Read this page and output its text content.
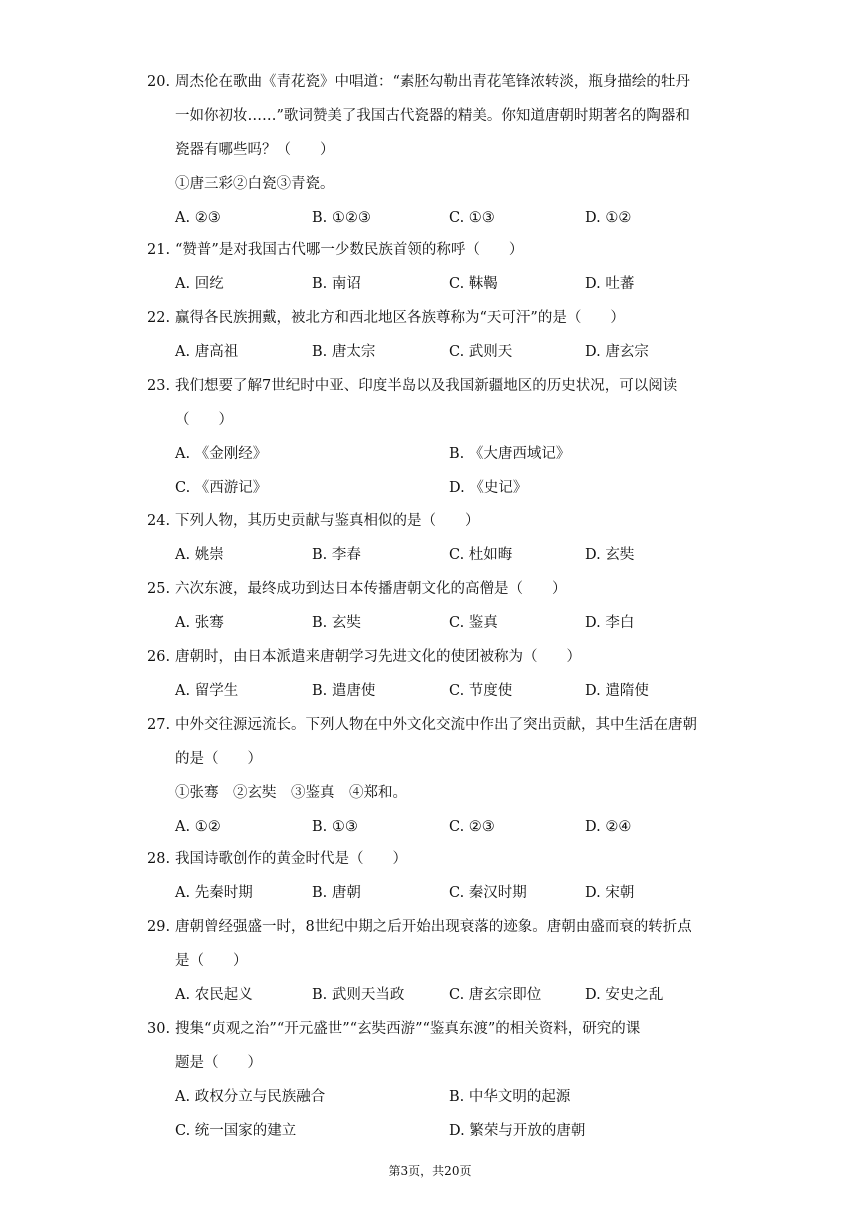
20. 周杰伦在歌曲《青花瓷》中唱道：“素胚勾勒出青花笔锋浓转淡，瓶身描绘的牡丹
一如你初妆……”歌词赞美了我国古代瓷器的精美。你知道唐朝时期著名的陶器和
瓷器有哪些吗？（　　）
①唐三彩②白瓷③青瓷。
A. ②③	B. ①②③	C. ①③	D. ①②
21. “赞普”是对我国古代哪一少数民族首领的称呼（　　）
A. 回纥	B. 南诏	C. 靺鞨	D. 吐蕃
22. 赢得各民族拥戴，被北方和西北地区各族尊称为“天可汗”的是（　　）
A. 唐高祖	B. 唐太宗	C. 武则天	D. 唐玄宗
23. 我们想要了解7世纪时中亚、印度半岛以及我国新疆地区的历史状况，可以阅读
（　　）
A. 《金刚经》	B. 《大唐西域记》
C. 《西游记》	D. 《史记》
24. 下列人物，其历史贡献与鉴真相似的是（　　）
A. 姚崇	B. 李春	C. 杜如晦	D. 玄奘
25. 六次东渡，最终成功到达日本传播唐朝文化的高僧是（　　）
A. 张骞	B. 玄奘	C. 鉴真	D. 李白
26. 唐朝时，由日本派遣来唐朝学习先进文化的使团被称为（　　）
A. 留学生	B. 遣唐使	C. 节度使	D. 遣隋使
27. 中外交往源远流长。下列人物在中外文化交流中作出了突出贡献，其中生活在唐朝
的是（　　）
①张骞　②玄奘　③鉴真　④郑和。
A. ①②	B. ①③	C. ②③	D. ②④
28. 我国诗歌创作的黄金时代是（　　）
A. 先秦时期	B. 唐朝	C. 秦汉时期	D. 宋朝
29. 唐朝曾经强盛一时，8世纪中期之后开始出现衰落的迹象。唐朝由盛而衰的转折点
是（　　）
A. 农民起义	B. 武则天当政	C. 唐玄宗即位	D. 安史之乱
30. 搜集“贞观之治”“开元盛世”“玄奘西游”“鉴真东渡”的相关资料，研究的课
题是（　　）
A. 政权分立与民族融合	B. 中华文明的起源
C. 统一国家的建立	D. 繁荣与开放的唐朝
第3页，共20页
